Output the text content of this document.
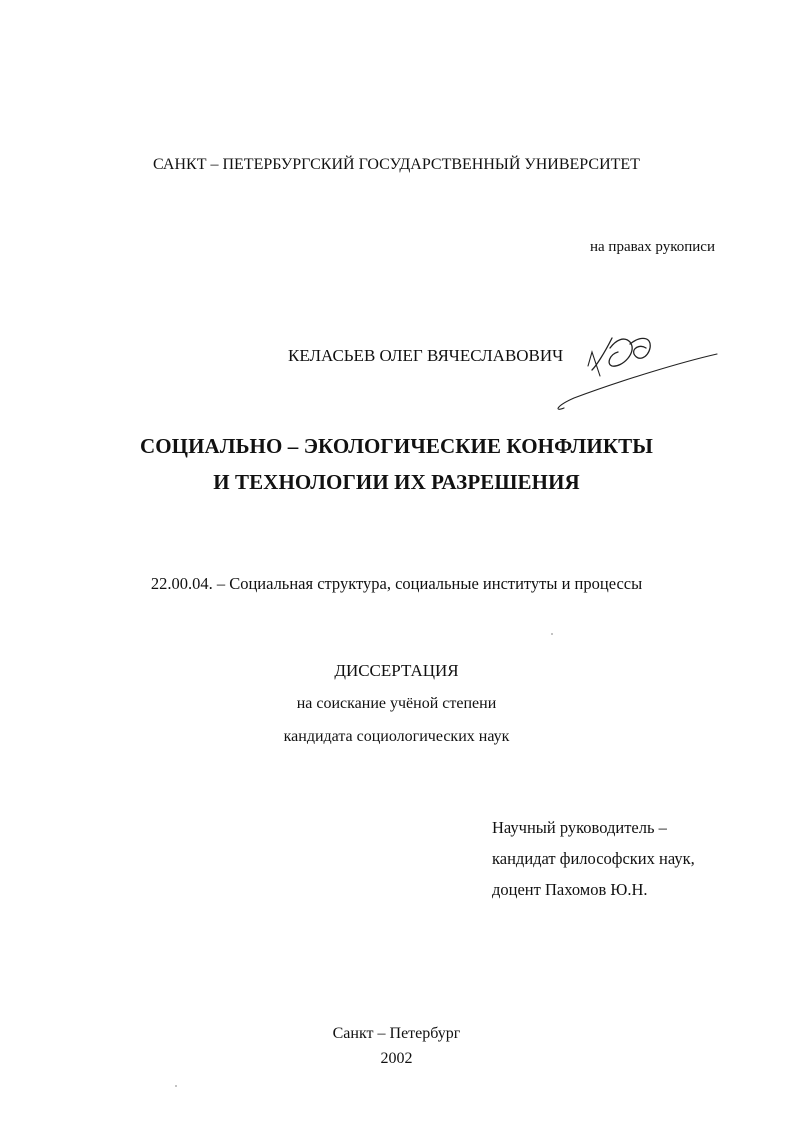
САНКТ – ПЕТЕРБУРГСКИЙ ГОСУДАРСТВЕННЫЙ УНИВЕРСИТЕТ
на правах рукописи
КЕЛАСЬЕВ ОЛЕГ ВЯЧЕСЛАВОВИЧ
СОЦИАЛЬНО – ЭКОЛОГИЧЕСКИЕ КОНФЛИКТЫ
И ТЕХНОЛОГИИ ИХ РАЗРЕШЕНИЯ
22.00.04. – Социальная структура, социальные институты и процессы
ДИССЕРТАЦИЯ
на соискание учёной степени
кандидата социологических наук
Научный руководитель –
кандидат философских наук,
доцент Пахомов Ю.Н.
Санкт – Петербург
2002
